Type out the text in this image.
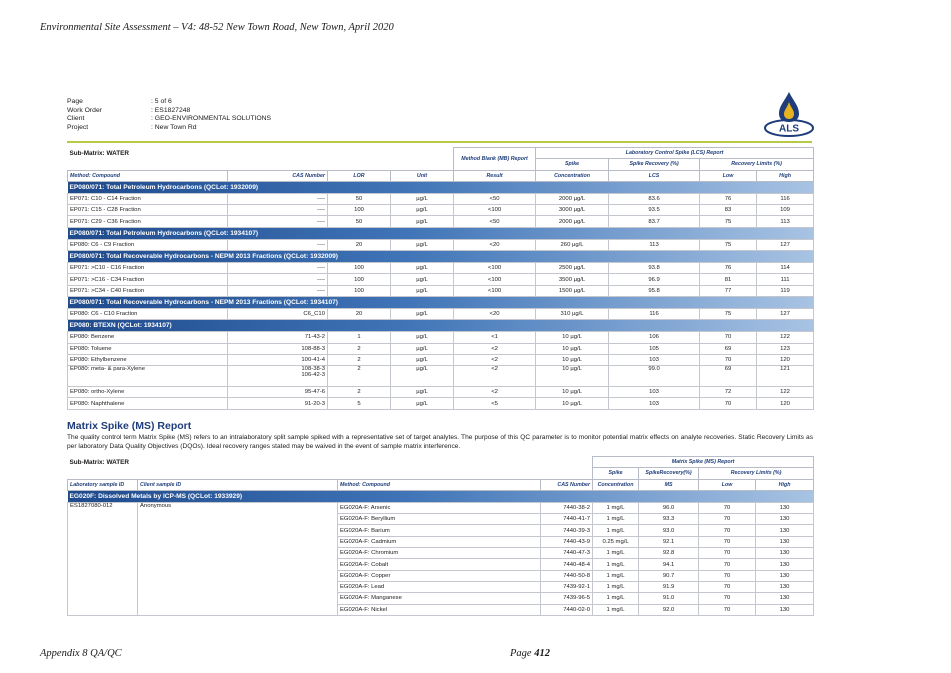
Environmental Site Assessment – V4: 48-52 New Town Road, New Town, April 2020
Page	: 5 of 6
Work Order	: ES1827248
Client	: GEO-ENVIRONMENTAL SOLUTIONS
Project	: New Town Rd	ALS
Sub-Matrix: WATER				Method Blank (MB) Report	Laboratory Control Spike (LCS) Report			
					Spike	Spike Recovery (%)	Recovery Limits (%)	
Method: Compound	CAS Number	LOR	Unit	Result	Concentration	LCS	Low	High
EP080/071: Total Petroleum Hydrocarbons (QCLot: 1932009)								
EP071: C10 - C14 Fraction	----	50	µg/L	<50	2000 µg/L	83.6	76	116
EP071: C15 - C28 Fraction	----	100	µg/L	<100	3000 µg/L	93.5	83	109
EP071: C29 - C36 Fraction	----	50	µg/L	<50	2000 µg/L	83.7	75	113
EP080/071: Total Petroleum Hydrocarbons (QCLot: 1934107)								
EP080: C6 - C9 Fraction	----	20	µg/L	<20	260 µg/L	113	75	127
EP080/071: Total Recoverable Hydrocarbons - NEPM 2013 Fractions (QCLot: 1932009)								
EP071: >C10 - C16 Fraction	----	100	µg/L	<100	2500 µg/L	93.8	76	114
EP071: >C16 - C34 Fraction	----	100	µg/L	<100	3500 µg/L	96.9	81	111
EP071: >C34 - C40 Fraction	----	100	µg/L	<100	1500 µg/L	95.8	77	119
EP080/071: Total Recoverable Hydrocarbons - NEPM 2013 Fractions (QCLot: 1934107)								
EP080: C6 - C10 Fraction	C6_C10	20	µg/L	<20	310 µg/L	116	75	127
EP080: BTEXN (QCLot: 1934107)								
EP080: Benzene	71-43-2	1	µg/L	<1	10 µg/L	106	70	122
EP080: Toluene	108-88-3	2	µg/L	<2	10 µg/L	105	69	123
EP080: Ethylbenzene	100-41-4	2	µg/L	<2	10 µg/L	103	70	120
EP080: meta- & para-Xylene	108-38-3
106-42-3	2	µg/L	<2	10 µg/L	99.0	69	121
EP080: ortho-Xylene	95-47-6	2	µg/L	<2	10 µg/L	103	72	122
EP080: Naphthalene	91-20-3	5	µg/L	<5	10 µg/L	103	70	120
Matrix Spike (MS) Report
The quality control term Matrix Spike (MS) refers to an intralaboratory split sample spiked with a representative set of target analytes. The purpose of this QC parameter is to monitor potential matrix effects on analyte recoveries. Static Recovery Limits as per laboratory Data Quality Objectives (DQOs). Ideal recovery ranges stated may be waived in the event of sample matrix interference.
Sub-Matrix: WATER				Matrix Spike (MS) Report			
				Spike	SpikeRecovery(%)	Recovery Limits (%)	
Laboratory sample ID	Client sample ID	Method: Compound	CAS Number	Concentration	MS	Low	High
EG020F: Dissolved Metals by ICP-MS (QCLot: 1933929)							
ES1827080-012	Anonymous	EG020A-F: Arsenic	7440-38-2	1 mg/L	96.0	70	130
		EG020A-F: Beryllium	7440-41-7	1 mg/L	93.3	70	130
		EG020A-F: Barium	7440-39-3	1 mg/L	93.0	70	130
		EG020A-F: Cadmium	7440-43-9	0.25 mg/L	92.1	70	130
		EG020A-F: Chromium	7440-47-3	1 mg/L	92.8	70	130
		EG020A-F: Cobalt	7440-48-4	1 mg/L	94.1	70	130
		EG020A-F: Copper	7440-50-8	1 mg/L	90.7	70	130
		EG020A-F: Lead	7439-92-1	1 mg/L	91.9	70	130
		EG020A-F: Manganese	7439-96-5	1 mg/L	91.0	70	130
		EG020A-F: Nickel	7440-02-0	1 mg/L	92.0	70	130
Appendix 8 QA/QC	Page 412
